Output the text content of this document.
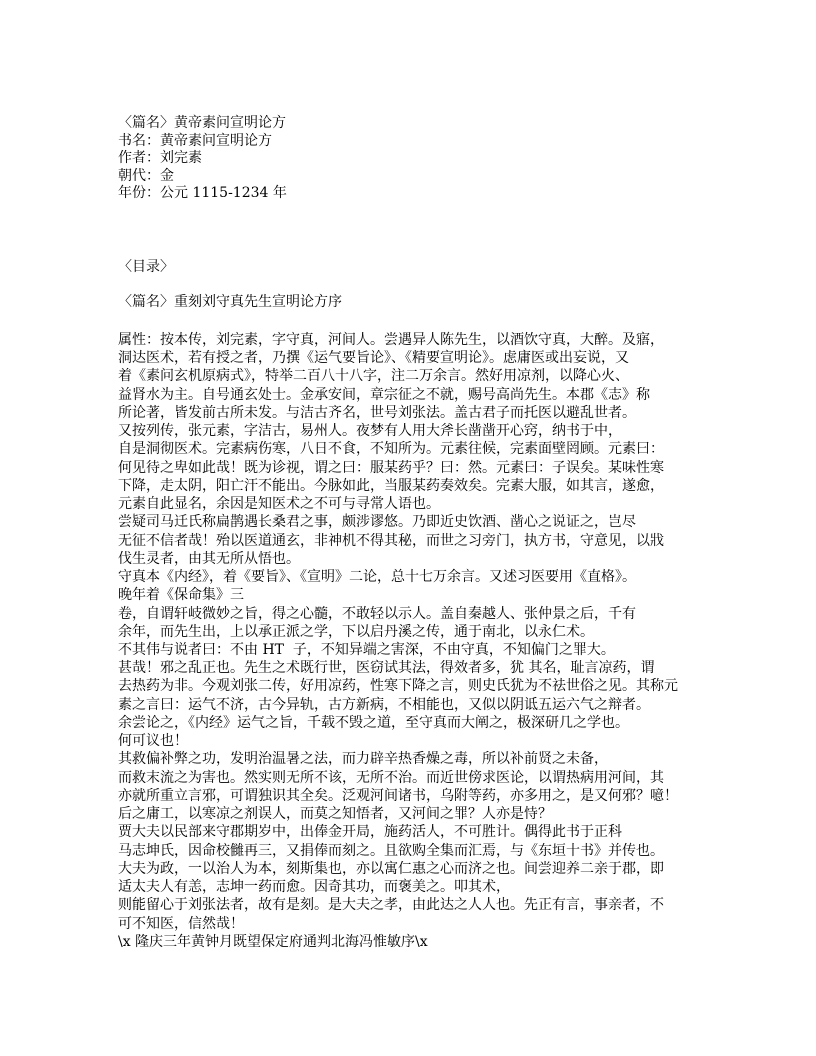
〈篇名〉黄帝素问宣明论方
书名：黄帝素问宣明论方
作者：刘完素
朝代：金
年份：公元 1115-1234 年
〈目录〉
〈篇名〉重刻刘守真先生宣明论方序
属性：按本传，刘完素，字守真，河间人。尝遇异人陈先生，以酒饮守真，大醉。及寤，
洞达医术，若有授之者，乃撰《运气要旨论》、《精要宣明论》。虑庸医或出妄说，又
着《素问玄机原病式》，特举二百八十八字，注二万余言。然好用凉剂，以降心火、
益肾水为主。自号通玄处士。金承安间，章宗征之不就，赐号高尚先生。本郡《志》称
所论著，皆发前古所未发。与洁古齐名，世号刘张法。盖古君子而托医以避乱世者。
又按列传，张元素，字洁古，易州人。夜梦有人用大斧长凿凿开心窍，纳书于中，
自是洞彻医术。完素病伤寒，八日不食，不知所为。元素往候，完素面壁罔顾。元素曰：
何见待之卑如此哉！既为诊视，谓之曰：服某药乎？曰：然。元素曰：子误矣。某味性寒
下降，走太阴，阳亡汗不能出。今脉如此，当服某药奏效矣。完素大服，如其言，遂愈，
元素自此显名，余因是知医术之不可与寻常人语也。
尝疑司马迁氏称扁鹊遇长桑君之事，颇涉谬悠。乃即近史饮酒、凿心之说证之，岂尽
无征不信者哉！殆以医道通玄，非神机不得其秘，而世之习旁门，执方书，守意见，以戕
伐生灵者，由其无所从悟也。
守真本《内经》，着《要旨》、《宣明》二论，总十七万余言。又述习医要用《直格》。
晚年着《保命集》三
卷，自谓轩岐微妙之旨，得之心髓，不敢轻以示人。盖自秦越人、张仲景之后，千有
余年，而先生出，上以承正派之学，下以启丹溪之传，通于南北，以永仁术。
不其伟与说者曰：不由 HT  子，不知异端之害深，不由守真，不知偏门之罪大。
甚哉！邪之乱正也。先生之术既行世，医窃试其法，得效者多，犹 其名，耻言凉药，谓
去热药为非。今观刘张二传，好用凉药，性寒下降之言，则史氏犹为不祛世俗之见。其称元
素之言曰：运气不济，古今异轨，古方新病，不相能也，又似以阴诋五运六气之辩者。
余尝论之，《内经》运气之旨，千载不毁之道，至守真而大阐之，极深研几之学也。
何可议也！
其救偏补弊之功，发明治温暑之法，而力辟辛热香燥之毒，所以补前贤之未备，
而救末流之为害也。然实则无所不该，无所不治。而近世傍求医论，以谓热病用河间，其
亦就所重立言邪，可谓独识其全矣。泛观河间诸书，乌附等药，亦多用之，是又何邪？噫！
后之庸工，以寒凉之剂误人，而莫之知悟者，又河间之罪？人亦是恃？
贾大夫以民部来守郡期岁中，出俸金开局，施药活人，不可胜计。偶得此书于正科
马志坤氏，因命校雠再三，又捐俸而刻之。且欲购全集而汇焉，与《东垣十书》并传也。
大夫为政，一以治人为本，刻斯集也，亦以寓仁惠之心而济之也。间尝迎养二亲于郡，即
适太夫人有恙，志坤一药而愈。因奇其功，而褒美之。叩其术，
则能留心于刘张法者，故有是刻。是大夫之孝，由此达之人人也。先正有言，事亲者，不
可不知医，信然哉！
\x 隆庆三年黄钟月既望保定府通判北海冯惟敏序\x
